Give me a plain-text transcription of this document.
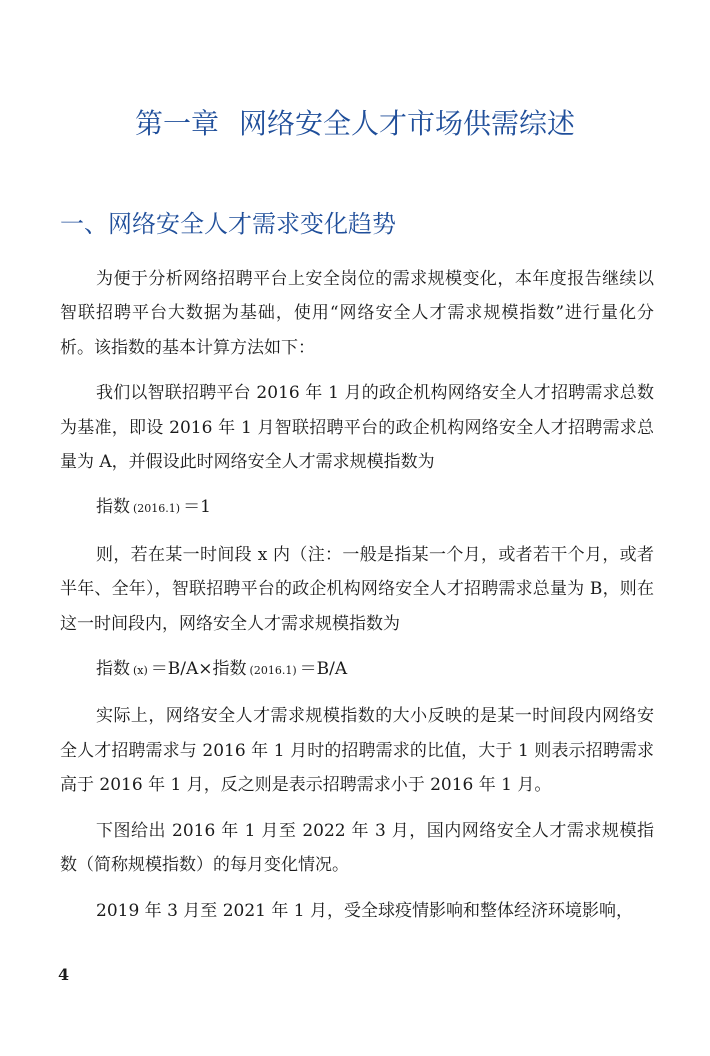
第一章 网络安全人才市场供需综述
一、网络安全人才需求变化趋势

为便于分析网络招聘平台上安全岗位的需求规模变化，本年度报告继续以智联招聘平台大数据为基础，使用“网络安全人才需求规模指数”进行量化分析。该指数的基本计算方法如下：

我们以智联招聘平台 2016 年 1 月的政企机构网络安全人才招聘需求总数为基准，即设 2016 年 1 月智联招聘平台的政企机构网络安全人才招聘需求总量为 A，并假设此时网络安全人才需求规模指数为

指数 (2016.1) ＝1

则，若在某一时间段 x 内（注：一般是指某一个月，或者若干个月，或者半年、全年），智联招聘平台的政企机构网络安全人才招聘需求总量为 B，则在这一时间段内，网络安全人才需求规模指数为

指数 (x) ＝B/A×指数 (2016.1) ＝B/A

实际上，网络安全人才需求规模指数的大小反映的是某一时间段内网络安全人才招聘需求与 2016 年 1 月时的招聘需求的比值，大于 1 则表示招聘需求高于 2016 年 1 月，反之则是表示招聘需求小于 2016 年 1 月。

下图给出 2016 年 1 月至 2022 年 3 月，国内网络安全人才需求规模指数（简称规模指数）的每月变化情况。

2019 年 3 月至 2021 年 1 月，受全球疫情影响和整体经济环境影响，

4
